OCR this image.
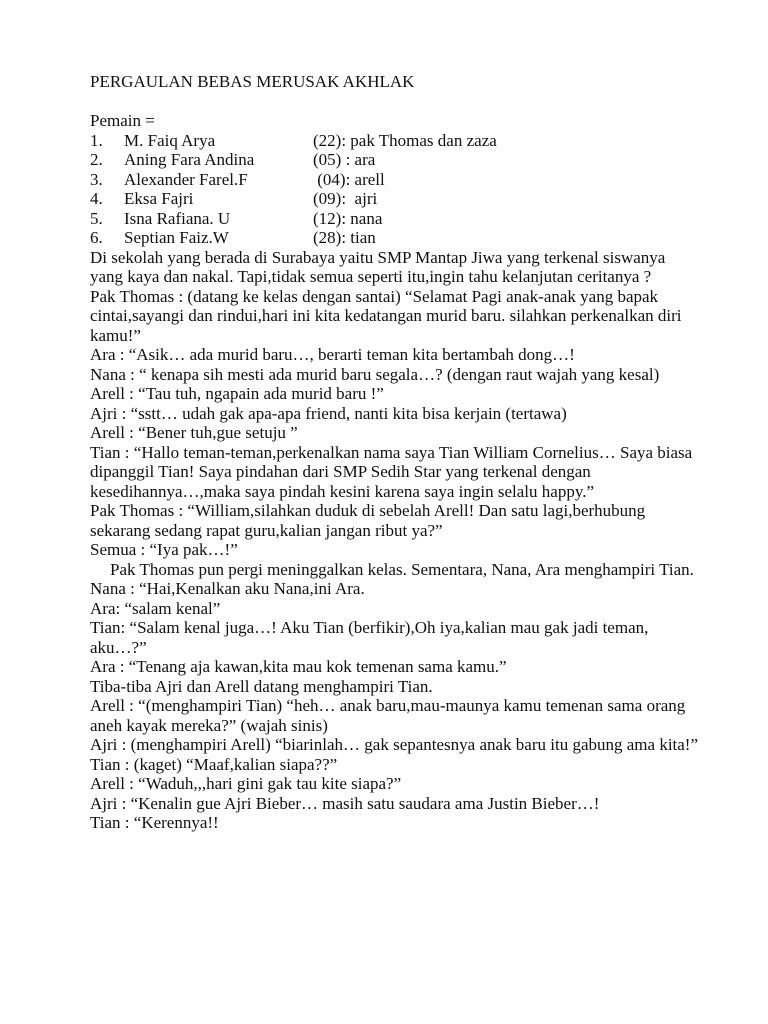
PERGAULAN BEBAS MERUSAK AKHLAK
Pemain =
1.	M. Faiq Arya	(22): pak Thomas dan zaza
2.	Aning Fara Andina	(05) : ara
3.	Alexander Farel.F	(04): arell
4.	Eksa Fajri	(09):  ajri
5.	Isna Rafiana. U	(12): nana
6.	Septian Faiz.W	(28): tian
Di sekolah yang berada di Surabaya yaitu SMP Mantap Jiwa yang terkenal siswanya yang kaya dan nakal. Tapi,tidak semua seperti itu,ingin tahu kelanjutan ceritanya ?
Pak Thomas : (datang ke kelas dengan santai) “Selamat Pagi anak-anak yang bapak cintai,sayangi dan rindui,hari ini kita kedatangan murid baru. silahkan perkenalkan diri kamu!”
Ara : “Asik… ada murid baru…, berarti teman kita bertambah dong…!
Nana : “ kenapa sih mesti ada murid baru segala…? (dengan raut wajah yang kesal)
Arell : “Tau tuh, ngapain ada murid baru !”
Ajri : “sstt… udah gak apa-apa friend, nanti kita bisa kerjain (tertawa)
Arell : “Bener tuh,gue setuju ”
Tian : “Hallo teman-teman,perkenalkan nama saya Tian William Cornelius… Saya biasa dipanggil Tian! Saya pindahan dari SMP Sedih Star yang terkenal dengan kesedihannya…,maka saya pindah kesini karena saya ingin selalu happy.”
Pak Thomas : “William,silahkan duduk di sebelah Arell! Dan satu lagi,berhubung sekarang sedang rapat guru,kalian jangan ribut ya?”
Semua : “Iya pak…!”
Pak Thomas pun pergi meninggalkan kelas. Sementara, Nana, Ara menghampiri Tian.
Nana : “Hai,Kenalkan aku Nana,ini Ara.
Ara: “salam kenal”
Tian: “Salam kenal juga…! Aku Tian (berfikir),Oh iya,kalian mau gak jadi teman, aku…?”
Ara : “Tenang aja kawan,kita mau kok temenan sama kamu.”
Tiba-tiba Ajri dan Arell datang menghampiri Tian.
Arell : “(menghampiri Tian) “heh… anak baru,mau-maunya kamu temenan sama orang aneh kayak mereka?” (wajah sinis)
Ajri : (menghampiri Arell) “biarinlah… gak sepantesnya anak baru itu gabung ama kita!”
Tian : (kaget) “Maaf,kalian siapa??”
Arell : “Waduh,,,hari gini gak tau kite siapa?”
Ajri : “Kenalin gue Ajri Bieber… masih satu saudara ama Justin Bieber…!
Tian : “Kerennya!!
